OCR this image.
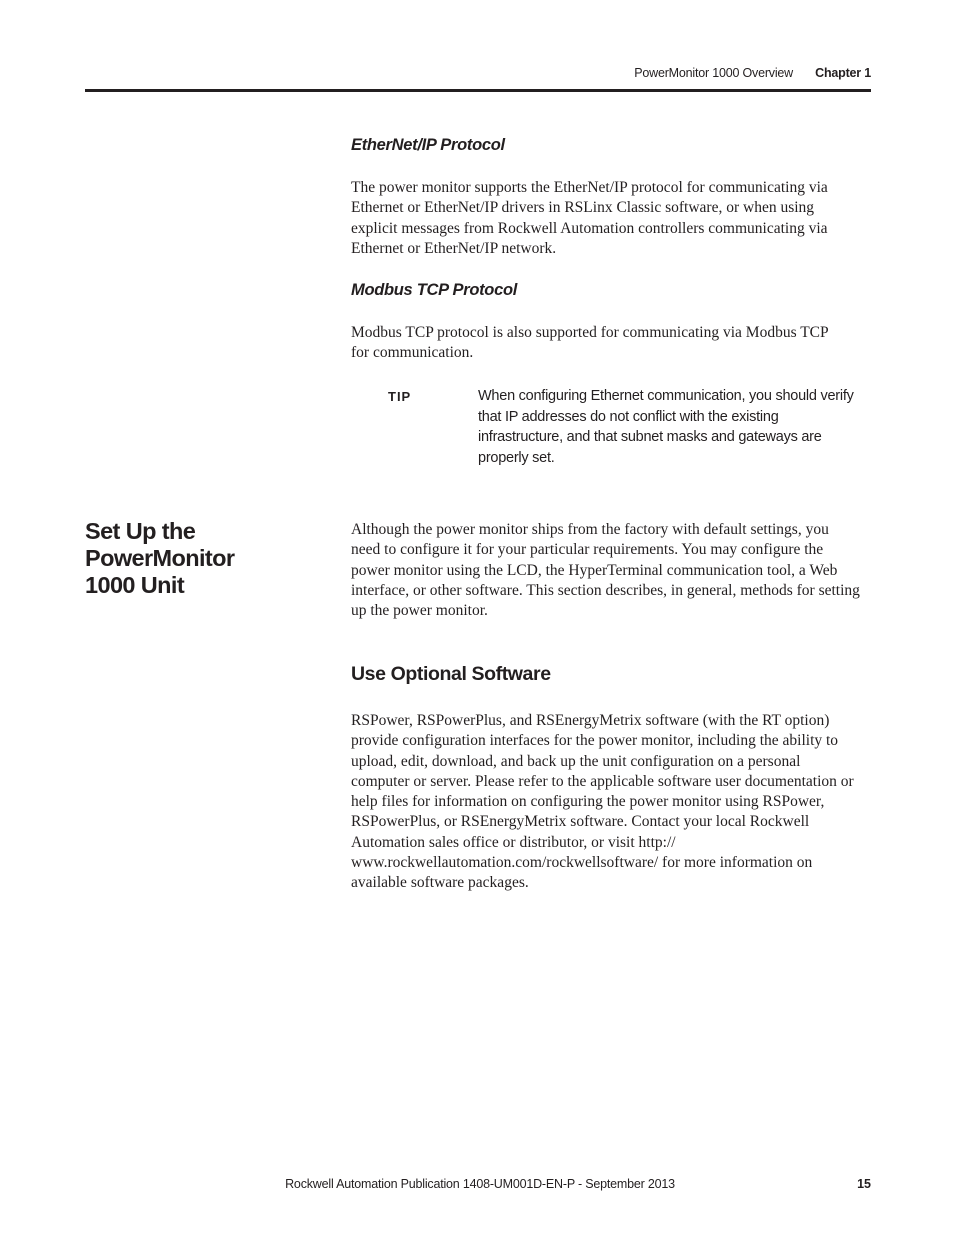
PowerMonitor 1000 Overview Chapter 1
EtherNet/IP Protocol
The power monitor supports the EtherNet/IP protocol for communicating via
Ethernet or EtherNet/IP drivers in RSLinx Classic software, or when using
explicit messages from Rockwell Automation controllers communicating via
Ethernet or EtherNet/IP network.
Modbus TCP Protocol
Modbus TCP protocol is also supported for communicating via Modbus TCP
for communication.
TIP	When configuring Ethernet communication, you should verify
that IP addresses do not conflict with the existing
infrastructure, and that subnet masks and gateways are
properly set.
Set Up the PowerMonitor
1000 Unit
Although the power monitor ships from the factory with default settings, you
need to configure it for your particular requirements. You may configure the
power monitor using the LCD, the HyperTerminal communication tool, a Web
interface, or other software. This section describes, in general, methods for setting
up the power monitor.
Use Optional Software
RSPower, RSPowerPlus, and RSEnergyMetrix software (with the RT option)
provide configuration interfaces for the power monitor, including the ability to
upload, edit, download, and back up the unit configuration on a personal
computer or server. Please refer to the applicable software user documentation or
help files for information on configuring the power monitor using RSPower,
RSPowerPlus, or RSEnergyMetrix software. Contact your local Rockwell
Automation sales office or distributor, or visit http://
www.rockwellautomation.com/rockwellsoftware/ for more information on
available software packages.
Rockwell Automation Publication 1408-UM001D-EN-P - September 2013	15
